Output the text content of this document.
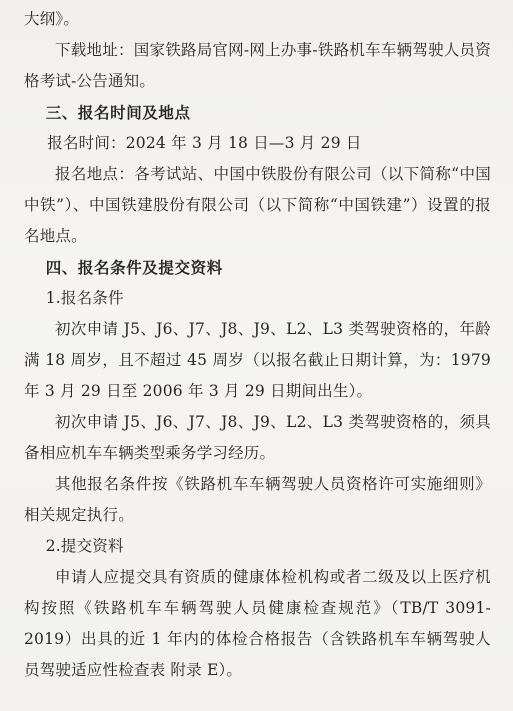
大纲》。

下载地址：国家铁路局官网-网上办事-铁路机车车辆驾驶人员资格考试-公告通知。

三、报名时间及地点

报名时间：2024 年 3 月 18 日—3 月 29 日

报名地点：各考试站、中国中铁股份有限公司（以下简称“中国中铁”）、中国铁建股份有限公司（以下简称“中国铁建”）设置的报名地点。

四、报名条件及提交资料

1.报名条件

初次申请 J5、J6、J7、J8、J9、L2、L3 类驾驶资格的，年龄满 18 周岁，且不超过 45 周岁（以报名截止日期计算，为：1979 年 3 月 29 日至 2006 年 3 月 29 日期间出生）。

初次申请 J5、J6、J7、J8、J9、L2、L3 类驾驶资格的，须具备相应机车车辆类型乘务学习经历。

其他报名条件按《铁路机车车辆驾驶人员资格许可实施细则》相关规定执行。

2.提交资料

申请人应提交具有资质的健康体检机构或者二级及以上医疗机构按照《铁路机车车辆驾驶人员健康检查规范》（TB/T 3091-2019）出具的近 1 年内的体检合格报告（含铁路机车车辆驾驶人员驾驶适应性检查表 附录 E）。
